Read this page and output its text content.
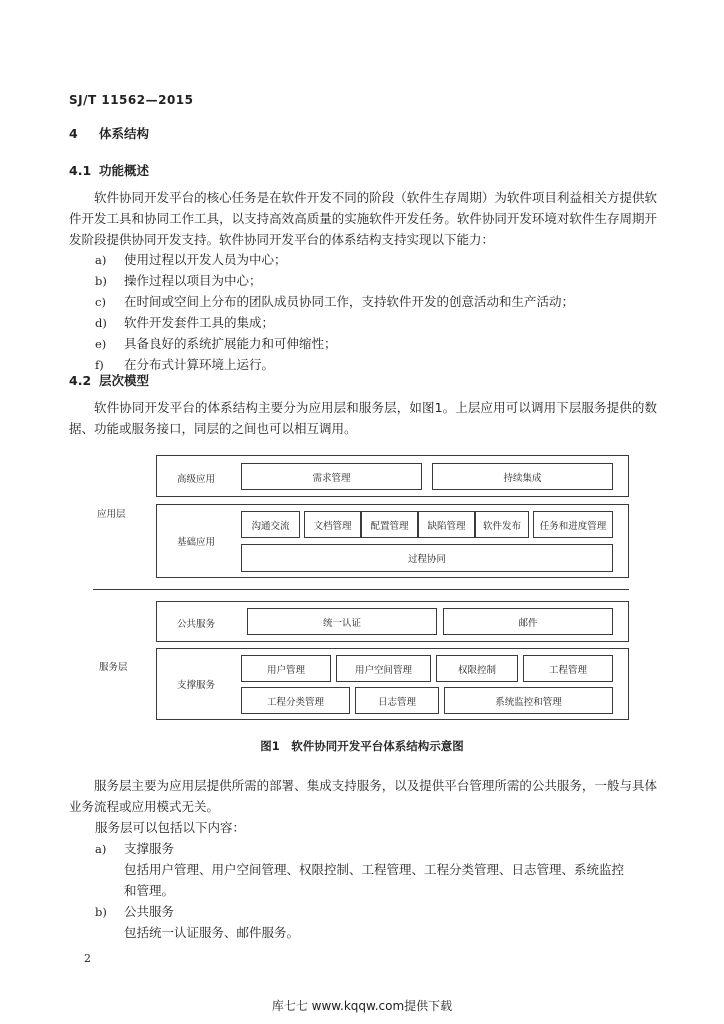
SJ/T 11562—2015
4 体系结构
4.1 功能概述

软件协同开发平台的核心任务是在软件开发不同的阶段（软件生存周期）为软件项目利益相关方提供软件开发工具和协同工作工具，以支持高效高质量的实施软件开发任务。软件协同开发环境对软件生存周期开发阶段提供协同开发支持。软件协同开发平台的体系结构支持实现以下能力：

a) 使用过程以开发人员为中心；
b) 操作过程以项目为中心；
c) 在时间或空间上分布的团队成员协同工作，支持软件开发的创意活动和生产活动；
d) 软件开发套件工具的集成；
e) 具备良好的系统扩展能力和可伸缩性；
f) 在分布式计算环境上运行。
4.2 层次模型

软件协同开发平台的体系结构主要分为应用层和服务层，如图1。上层应用可以调用下层服务提供的数据、功能或服务接口，同层的之间也可以相互调用。

应用层
高级应用	需求管理	持续集成
基础应用
沟通交流	文档管理	配置管理	缺陷管理	软件发布	任务和进度管理
过程协同
服务层
公共服务	统一认证	邮件
支撑服务
用户管理	用户空间管理	权限控制	工程管理
工程分类管理	日志管理	系统监控和管理
图1　软件协同开发平台体系结构示意图

服务层主要为应用层提供所需的部署、集成支持服务，以及提供平台管理所需的公共服务，一般与具体业务流程或应用模式无关。

服务层可以包括以下内容：
a) 支撑服务
包括用户管理、用户空间管理、权限控制、工程管理、工程分类管理、日志管理、系统监控
和管理。
b) 公共服务
包括统一认证服务、邮件服务。
2
库七七 www.kqqw.com提供下载
